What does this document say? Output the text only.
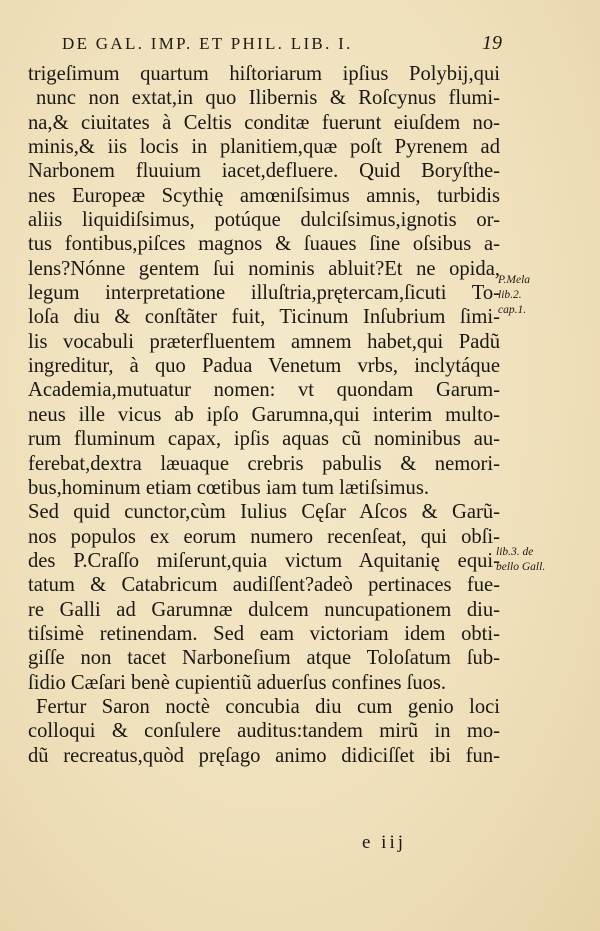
DE GAL. IMP. ET PHIL. LIB. I.	19
trigeſimum quartum hiſtoriarum ipſius Polybij,qui
nunc non extat,in quo Ilibernis & Roſcynus flumi-
na,& ciuitates à Celtis conditæ fuerunt eiuſdem no-
minis,& iis locis in planitiem,quæ poſt Pyrenem ad
Narbonem fluuium iacet,defluere. Quid Boryſthe-
nes Europeæ Scythię amœniſsimus amnis, turbidis
aliis liquidiſsimus, potúque dulciſsimus,ignotis or-
tus fontibus,piſces magnos & ſuaues ſine oſsibus a-
lens?Nónne gentem ſui nominis abluit?Et ne opida,
legum interpretatione illuſtria,prętercam,ſicuti To-
loſa diu & conſtãter fuit, Ticinum Inſubrium ſimi-
lis vocabuli præterfluentem amnem habet,qui Padũ
ingreditur, à quo Padua Venetum vrbs, inclytáque
Academia,mutuatur nomen: vt quondam Garum-
neus ille vicus ab ipſo Garumna,qui interim multo-
rum fluminum capax, ipſis aquas cũ nominibus au-
ferebat,dextra læuaque crebris pabulis & nemori-
bus,hominum etiam cœtibus iam tum lætiſsimus.
Sed quid cunctor,cùm Iulius Cęſar Aſcos & Garũ-
nos populos ex eorum numero recenſeat, qui obſi-
des P.Craſſo miſerunt,quia victum Aquitanię equi-
tatum & Catabricum audiſſent?adeò pertinaces fue-
re Galli ad Garumnæ dulcem nuncupationem diu-
tiſsimè retinendam. Sed eam victoriam idem obti-
giſſe non tacet Narboneſium atque Toloſatum ſub-
ſidio Cæſari benè cupientiũ aduerſus confines ſuos.
Fertur Saron noctè concubia diu cum genio loci
colloqui & conſulere auditus:tandem mirũ in mo-
dũ recreatus,quòd pręſago animo didiciſſet ibi fun-
P.Mela
lib.2.
cap.1.
lib.3. de
bello Gall.
e iij
